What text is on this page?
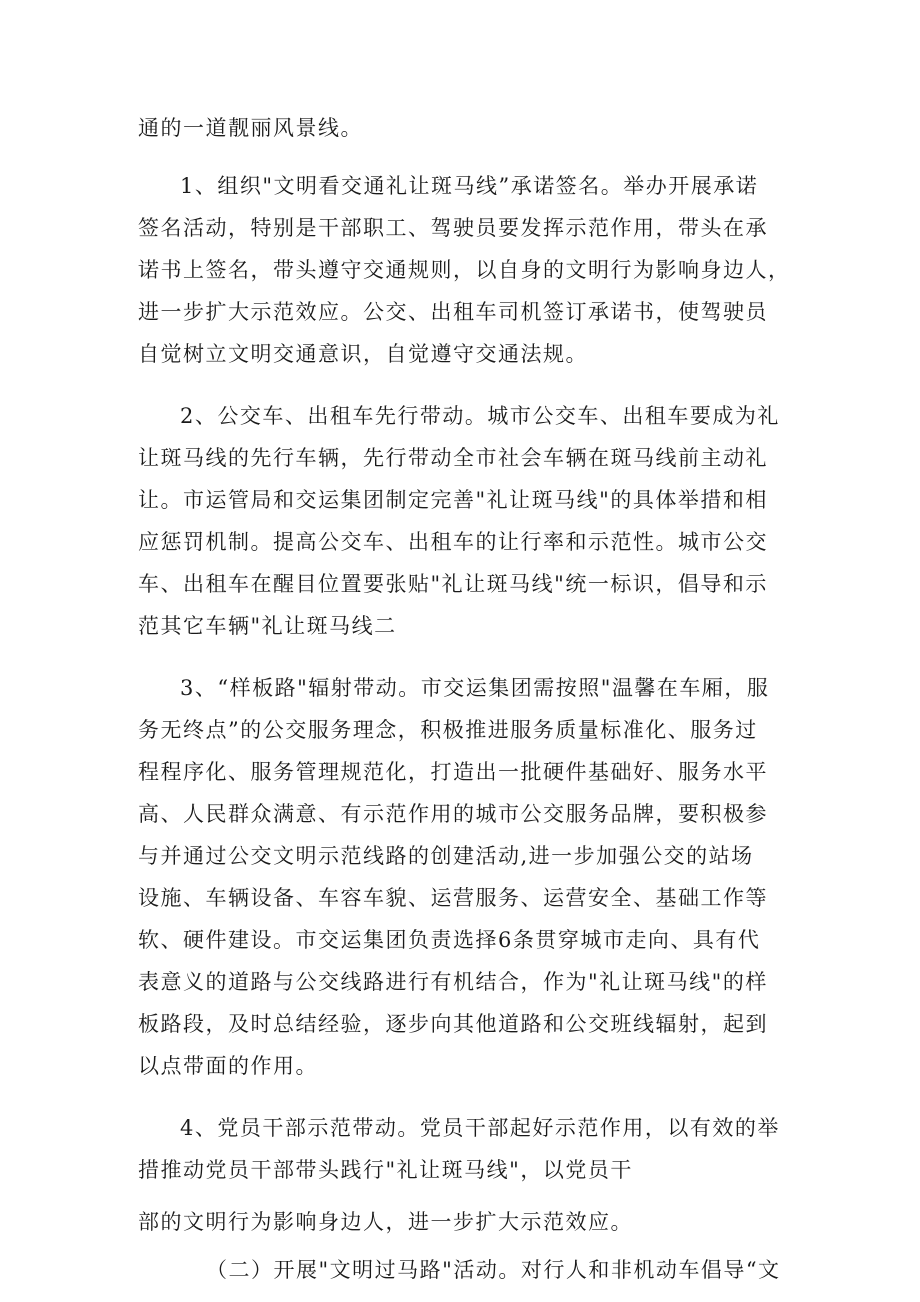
通的一道靓丽风景线。
1、组织"文明看交通礼让斑马线”承诺签名。举办开展承诺
签名活动，特别是干部职工、驾驶员要发挥示范作用，带头在承
诺书上签名，带头遵守交通规则，以自身的文明行为影响身边人，
进一步扩大示范效应。公交、出租车司机签订承诺书，使驾驶员
自觉树立文明交通意识，自觉遵守交通法规。
2、公交车、出租车先行带动。城市公交车、出租车要成为礼
让斑马线的先行车辆，先行带动全市社会车辆在斑马线前主动礼
让。市运管局和交运集团制定完善"礼让斑马线"的具体举措和相
应惩罚机制。提高公交车、出租车的让行率和示范性。城市公交
车、出租车在醒目位置要张贴"礼让斑马线"统一标识，倡导和示
范其它车辆"礼让斑马线二
3、“样板路"辐射带动。市交运集团需按照"温馨在车厢，服
务无终点”的公交服务理念，积极推进服务质量标准化、服务过
程程序化、服务管理规范化，打造出一批硬件基础好、服务水平
高、人民群众满意、有示范作用的城市公交服务品牌，要积极参
与并通过公交文明示范线路的创建活动,进一步加强公交的站场
设施、车辆设备、车容车貌、运营服务、运营安全、基础工作等
软、硬件建设。市交运集团负责选择6条贯穿城市走向、具有代
表意义的道路与公交线路进行有机结合，作为"礼让斑马线"的样
板路段，及时总结经验，逐步向其他道路和公交班线辐射，起到
以点带面的作用。
4、党员干部示范带动。党员干部起好示范作用，以有效的举
措推动党员干部带头践行"礼让斑马线"，以党员干
部的文明行为影响身边人，进一步扩大示范效应。
（二）开展"文明过马路"活动。对行人和非机动车倡导“文
